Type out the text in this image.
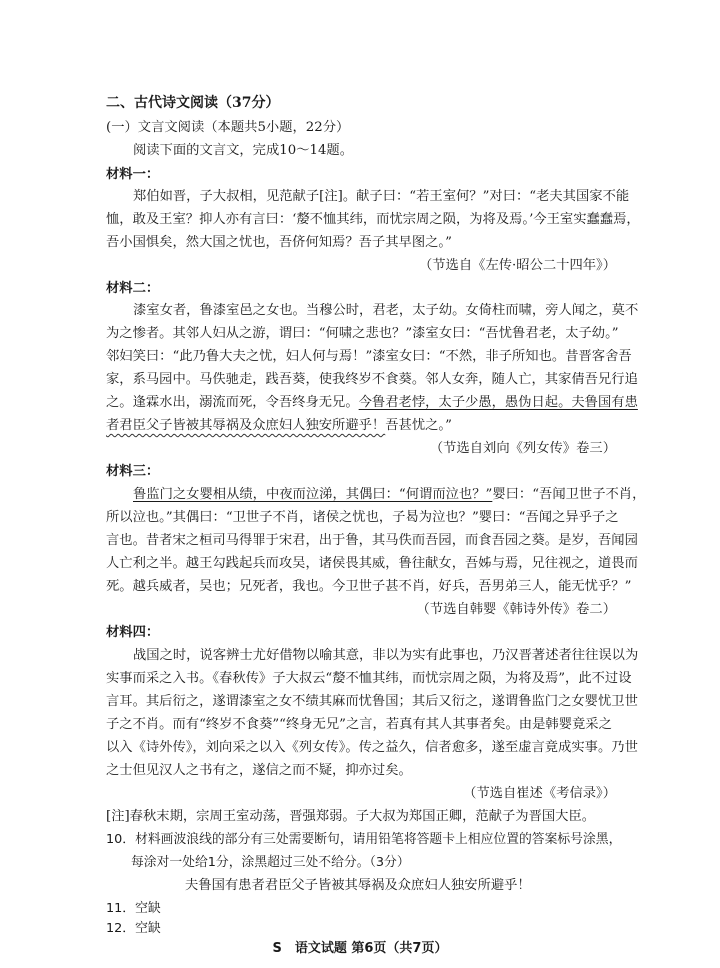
二、古代诗文阅读（37分）
(一）文言文阅读（本题共5小题，22分）
阅读下面的文言文，完成10～14题。
材料一：
郑伯如晋，子大叔相，见范献子[注]。献子曰：“若王室何？”对曰：“老夫其国家不能
恤，敢及王室？抑人亦有言曰：‘嫠不恤其纬，而忧宗周之陨，为将及焉。’今王室实蠢蠢焉，
吾小国惧矣，然大国之忧也，吾侪何知焉？吾子其早图之。”
（节选自《左传·昭公二十四年》）
材料二：
漆室女者，鲁漆室邑之女也。当穆公时，君老，太子幼。女倚柱而啸，旁人闻之，莫不
为之惨者。其邻人妇从之游，谓曰：“何啸之悲也？”漆室女曰：“吾忧鲁君老，太子幼。”
邻妇笑曰：“此乃鲁大夫之忧，妇人何与焉！”漆室女曰：“不然，非子所知也。昔晋客舍吾
家，系马园中。马佚驰走，践吾葵，使我终岁不食葵。邻人女奔，随人亡，其家倩吾兄行追
之。逢霖水出，溺流而死，令吾终身无兄。今鲁君老悖，太子少愚，愚伪日起。夫鲁国有患
者君臣父子皆被其辱祸及众庶妇人独安所避乎！吾甚忧之。”
（节选自刘向《列女传》卷三）
材料三：
鲁监门之女婴相从绩，中夜而泣涕，其偶曰：“何谓而泣也？”婴曰：“吾闻卫世子不肖，
所以泣也。”其偶曰：“卫世子不肖，诸侯之忧也，子曷为泣也？”婴曰：“吾闻之异乎子之
言也。昔者宋之桓司马得罪于宋君，出于鲁，其马佚而吾园，而食吾园之葵。是岁，吾闻园
人亡利之半。越王勾践起兵而攻吴，诸侯畏其威，鲁往献女，吾姊与焉，兄往视之，道畏而
死。越兵威者，吴也；兄死者，我也。今卫世子甚不肖，好兵，吾男弟三人，能无忧乎？”
（节选自韩婴《韩诗外传》卷二）
材料四：
战国之时，说客辨士尤好借物以喻其意，非以为实有此事也，乃汉晋著述者往往误以为
实事而采之入书。《春秋传》子大叔云“嫠不恤其纬，而忧宗周之陨，为将及焉”，此不过设
言耳。其后衍之，遂谓漆室之女不绩其麻而忧鲁国；其后又衍之，遂谓鲁监门之女婴忧卫世
子之不肖。而有“终岁不食葵”“终身无兄”之言，若真有其人其事者矣。由是韩婴竟采之
以入《诗外传》，刘向采之以入《列女传》。传之益久，信者愈多，遂至虚言竟成实事。乃世
之士但见汉人之书有之，遂信之而不疑，抑亦过矣。
（节选自崔述《考信录》）
[注]春秋末期，宗周王室动荡，晋强郑弱。子大叔为郑国正卿，范献子为晋国大臣。
10．材料画波浪线的部分有三处需要断句，请用铅笔将答题卡上相应位置的答案标号涂黑，
每涂对一处给1分，涂黑超过三处不给分。（3分）
夫鲁国有患者君臣父子皆被其辱祸及众庶妇人独安所避乎！
11．空缺
12．空缺
S　语文试题 第6页（共7页）
